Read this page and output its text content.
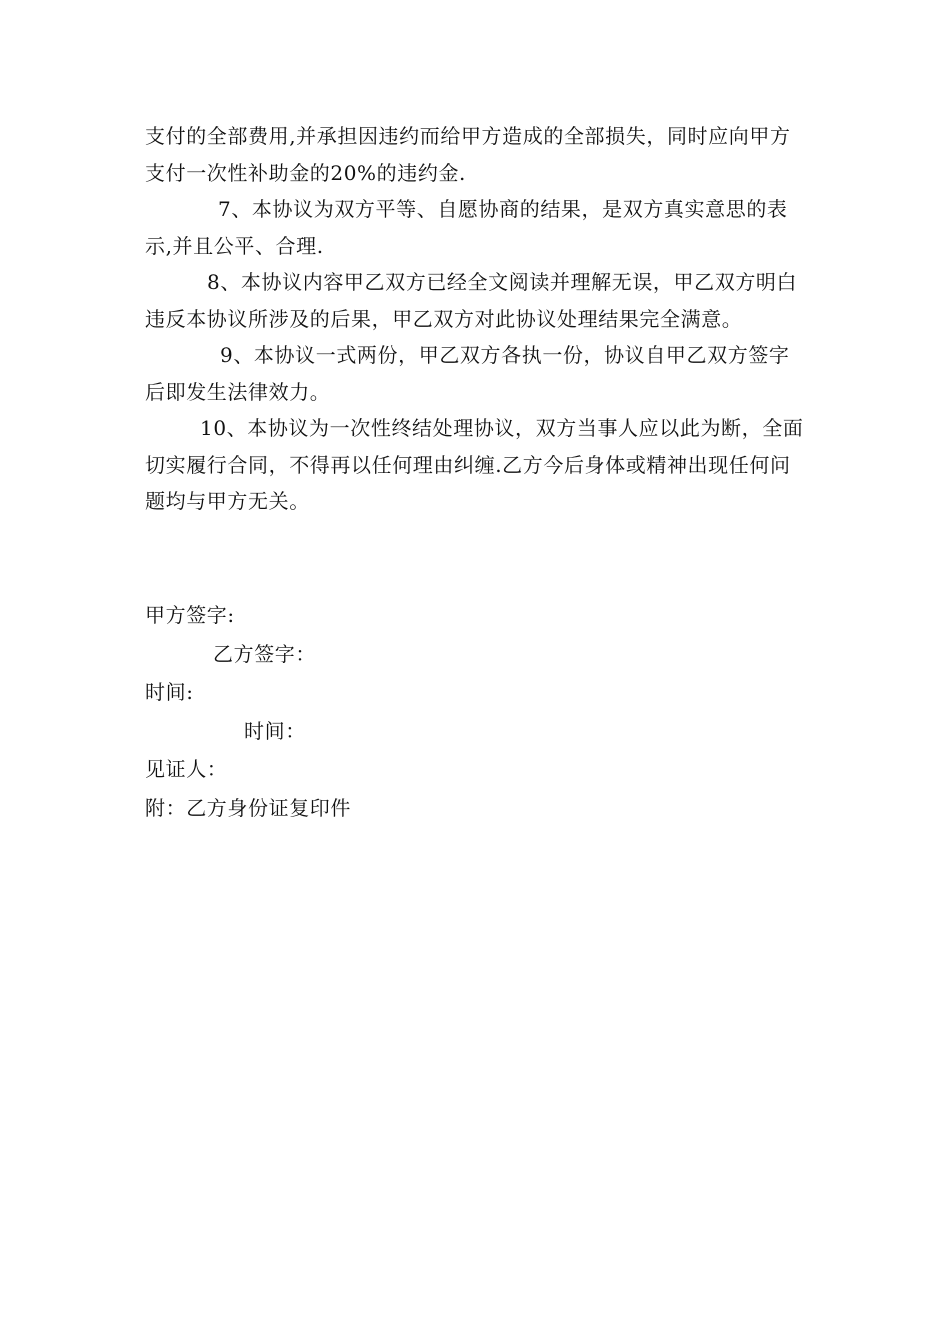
支付的全部费用,并承担因违约而给甲方造成的全部损失，同时应向甲方支付一次性补助金的20%的违约金.

7、本协议为双方平等、自愿协商的结果，是双方真实意思的表示,并且公平、合理.

8、本协议内容甲乙双方已经全文阅读并理解无误，甲乙双方明白违反本协议所涉及的后果，甲乙双方对此协议处理结果完全满意。

9、本协议一式两份，甲乙双方各执一份，协议自甲乙双方签字后即发生法律效力。

10、本协议为一次性终结处理协议，双方当事人应以此为断，全面切实履行合同，不得再以任何理由纠缠.乙方今后身体或精神出现任何问题均与甲方无关。

甲方签字:

乙方签字：

时间:

时间：

见证人：

附：乙方身份证复印件
